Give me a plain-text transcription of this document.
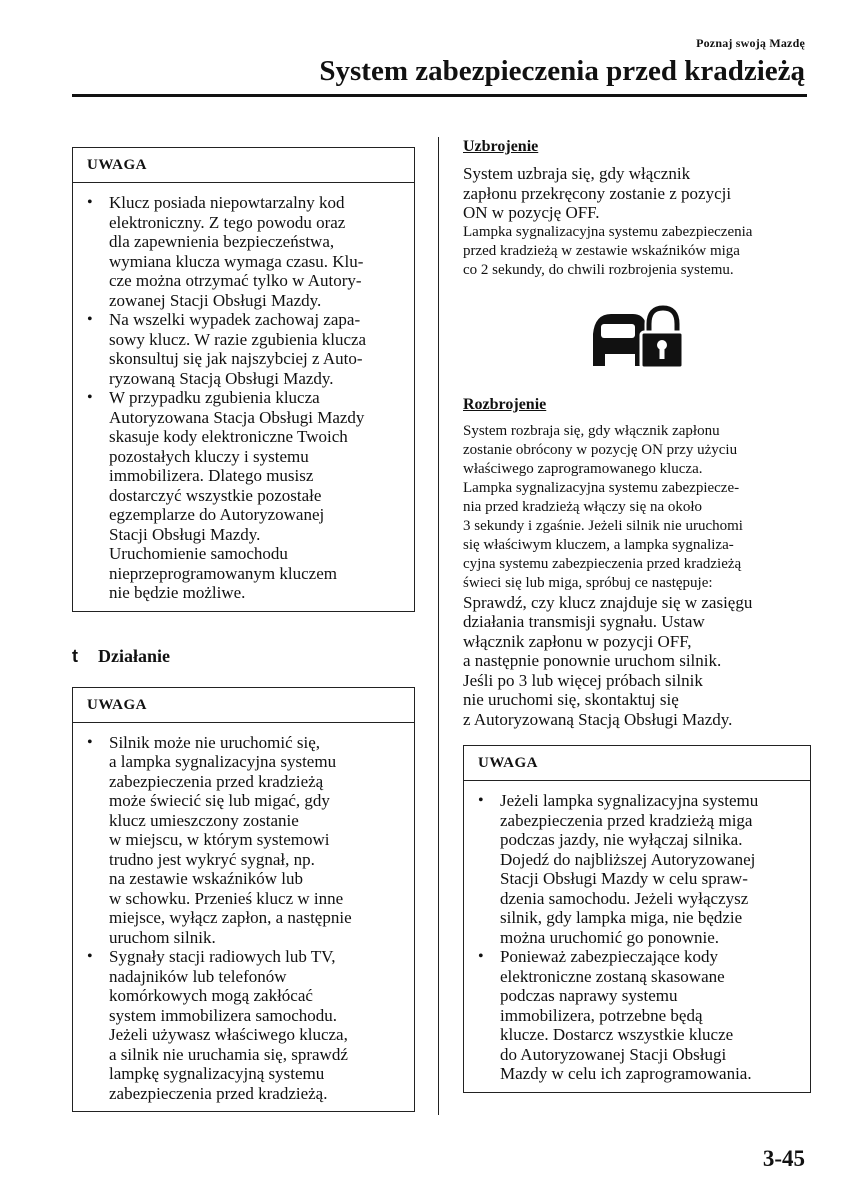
Poznaj swoją Mazdę
System zabezpieczenia przed kradzieżą
UWAGA
• Klucz posiada niepowtarzalny kod
elektroniczny. Z tego powodu oraz
dla zapewnienia bezpieczeństwa,
wymiana klucza wymaga czasu. Klu-
cze można otrzymać tylko w Autory-
zowanej Stacji Obsługi Mazdy.
• Na wszelki wypadek zachowaj zapa-
sowy klucz. W razie zgubienia klucza
skonsultuj się jak najszybciej z Auto-
ryzowaną Stacją Obsługi Mazdy.
• W przypadku zgubienia klucza
Autoryzowana Stacja Obsługi Mazdy
skasuje kody elektroniczne Twoich
pozostałych kluczy i systemu
immobilizera. Dlatego musisz
dostarczyć wszystkie pozostałe
egzemplarze do Autoryzowanej
Stacji Obsługi Mazdy.
Uruchomienie samochodu
nieprzeprogramowanym kluczem
nie będzie możliwe.
t	Działanie
UWAGA
• Silnik może nie uruchomić się,
a lampka sygnalizacyjna systemu
zabezpieczenia przed kradzieżą
może świecić się lub migać, gdy
klucz umieszczony zostanie
w miejscu, w którym systemowi
trudno jest wykryć sygnał, np.
na zestawie wskaźników lub
w schowku. Przenieś klucz w inne
miejsce, wyłącz zapłon, a następnie
uruchom silnik.
• Sygnały stacji radiowych lub TV,
nadajników lub telefonów
komórkowych mogą zakłócać
system immobilizera samochodu.
Jeżeli używasz właściwego klucza,
a silnik nie uruchamia się, sprawdź
lampkę sygnalizacyjną systemu
zabezpieczenia przed kradzieżą.
Uzbrojenie
System uzbraja się, gdy włącznik
zapłonu przekręcony zostanie z pozycji
ON w pozycję OFF.
Lampka sygnalizacyjna systemu zabezpieczenia
przed kradzieżą w zestawie wskaźników miga
co 2 sekundy, do chwili rozbrojenia systemu.
Rozbrojenie
System rozbraja się, gdy włącznik zapłonu
zostanie obrócony w pozycję ON przy użyciu
właściwego zaprogramowanego klucza.
Lampka sygnalizacyjna systemu zabezpiecze-
nia przed kradzieżą włączy się na około
3 sekundy i zgaśnie. Jeżeli silnik nie uruchomi
się właściwym kluczem, a lampka sygnaliza-
cyjna systemu zabezpieczenia przed kradzieżą
świeci się lub miga, spróbuj ce następuje:
Sprawdź, czy klucz znajduje się w zasięgu
działania transmisji sygnału. Ustaw
włącznik zapłonu w pozycji OFF,
a następnie ponownie uruchom silnik.
Jeśli po 3 lub więcej próbach silnik
nie uruchomi się, skontaktuj się
z Autoryzowaną Stacją Obsługi Mazdy.
UWAGA
• Jeżeli lampka sygnalizacyjna systemu
zabezpieczenia przed kradzieżą miga
podczas jazdy, nie wyłączaj silnika.
Dojedź do najbliższej Autoryzowanej
Stacji Obsługi Mazdy w celu spraw-
dzenia samochodu. Jeżeli wyłączysz
silnik, gdy lampka miga, nie będzie
można uruchomić go ponownie.
• Ponieważ zabezpieczające kody
elektroniczne zostaną skasowane
podczas naprawy systemu
immobilizera, potrzebne będą
klucze. Dostarcz wszystkie klucze
do Autoryzowanej Stacji Obsługi
Mazdy w celu ich zaprogramowania.
3-45
